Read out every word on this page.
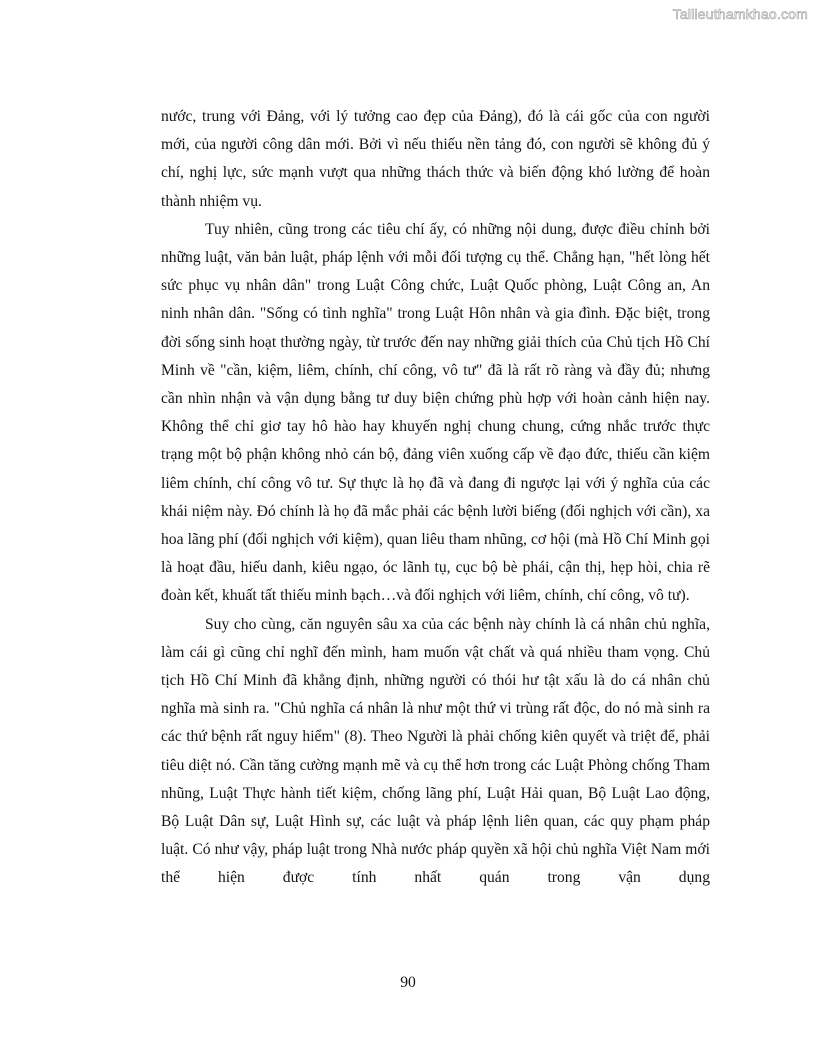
Tailieuthamkhao.com

nước, trung với Đảng, với lý tưởng cao đẹp của Đảng), đó là cái gốc của con người mới, của người công dân mới. Bởi vì nếu thiếu nền tảng đó, con người sẽ không đủ ý chí, nghị lực, sức mạnh vượt qua những thách thức và biến động khó lường để hoàn thành nhiệm vụ.

Tuy nhiên, cũng trong các tiêu chí ấy, có những nội dung, được điều chỉnh bởi những luật, văn bản luật, pháp lệnh với mỗi đối tượng cụ thể. Chẳng hạn, "hết lòng hết sức phục vụ nhân dân" trong Luật Công chức, Luật Quốc phòng, Luật Công an, An ninh nhân dân. "Sống có tình nghĩa" trong Luật Hôn nhân và gia đình. Đặc biệt, trong đời sống sinh hoạt thường ngày, từ trước đến nay những giải thích của Chủ tịch Hồ Chí Minh về "cần, kiệm, liêm, chính, chí công, vô tư" đã là rất rõ ràng và đầy đủ; nhưng cần nhìn nhận và vận dụng bằng tư duy biện chứng phù hợp với hoàn cảnh hiện nay. Không thể chỉ giơ tay hô hào hay khuyến nghị chung chung, cứng nhắc trước thực trạng một bộ phận không nhỏ cán bộ, đảng viên xuống cấp về đạo đức, thiếu cần kiệm liêm chính, chí công vô tư. Sự thực là họ đã và đang đi ngược lại với ý nghĩa của các khái niệm này. Đó chính là họ đã mắc phải các bệnh lười biếng (đối nghịch với cần), xa hoa lãng phí (đối nghịch với kiệm), quan liêu tham nhũng, cơ hội (mà Hồ Chí Minh gọi là hoạt đầu, hiếu danh, kiêu ngạo, óc lãnh tụ, cục bộ bè phái, cận thị, hẹp hòi, chia rẽ đoàn kết, khuất tất thiếu minh bạch…và đối nghịch với liêm, chính, chí công, vô tư).

Suy cho cùng, căn nguyên sâu xa của các bệnh này chính là cá nhân chủ nghĩa, làm cái gì cũng chỉ nghĩ đến mình, ham muốn vật chất và quá nhiều tham vọng. Chủ tịch Hồ Chí Minh đã khẳng định, những người có thói hư tật xấu là do cá nhân chủ nghĩa mà sinh ra. "Chủ nghĩa cá nhân là như một thứ vi trùng rất độc, do nó mà sinh ra các thứ bệnh rất nguy hiểm" (8). Theo Người là phải chống kiên quyết và triệt để, phải tiêu diệt nó. Cần tăng cường mạnh mẽ và cụ thể hơn trong các Luật Phòng chống Tham nhũng, Luật Thực hành tiết kiệm, chống lãng phí, Luật Hải quan, Bộ Luật Lao động, Bộ Luật Dân sự, Luật Hình sự, các luật và pháp lệnh liên quan, các quy phạm pháp luật. Có như vậy, pháp luật trong Nhà nước pháp quyền xã hội chủ nghĩa Việt Nam mới thể hiện được tính nhất quán trong vận dụng

90
